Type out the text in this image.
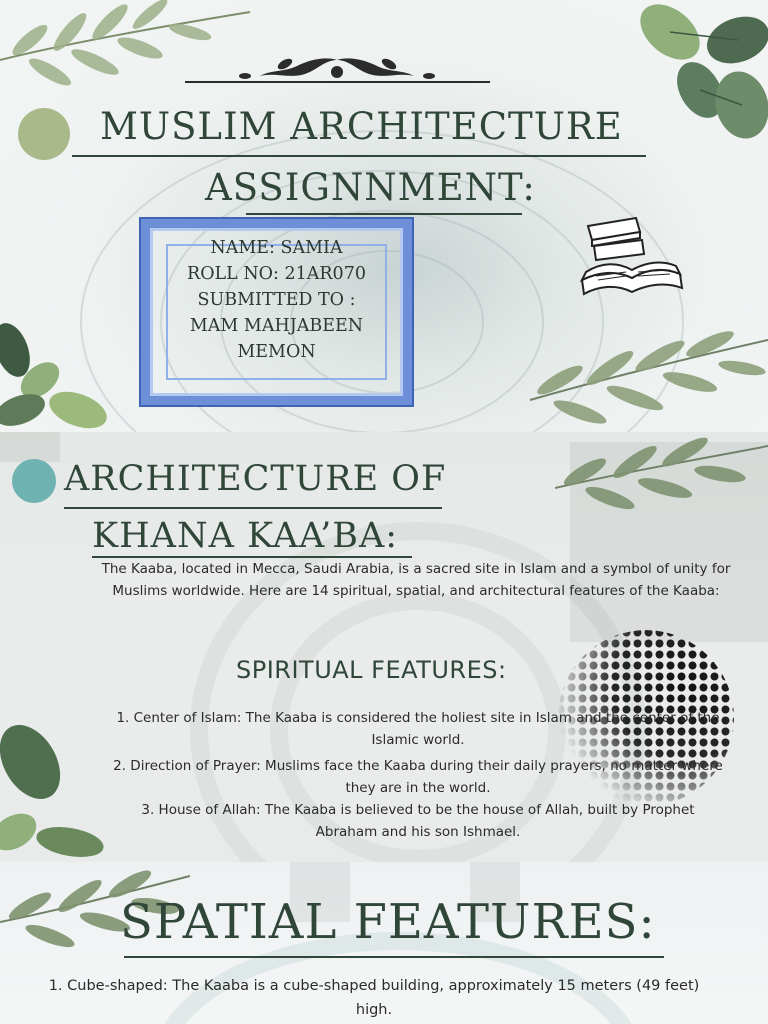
MUSLIM ARCHITECTURE
ASSIGNNMENT:
NAME: SAMIA
ROLL NO: 21AR070
SUBMITTED TO :
MAM MAHJABEEN
MEMON
ARCHITECTURE OF
KHANA KAA’BA:
The Kaaba, located in Mecca, Saudi Arabia, is a sacred site in Islam and a symbol of unity for Muslims worldwide. Here are 14 spiritual, spatial, and architectural features of the Kaaba:
SPIRITUAL FEATURES:
1. Center of Islam: The Kaaba is considered the holiest site in Islam and the center of the Islamic world.
2. Direction of Prayer: Muslims face the Kaaba during their daily prayers, no matter where they are in the world.
3. House of Allah: The Kaaba is believed to be the house of Allah, built by Prophet Abraham and his son Ishmael.
SPATIAL FEATURES:
1. Cube-shaped: The Kaaba is a cube-shaped building, approximately 15 meters (49 feet) high.
